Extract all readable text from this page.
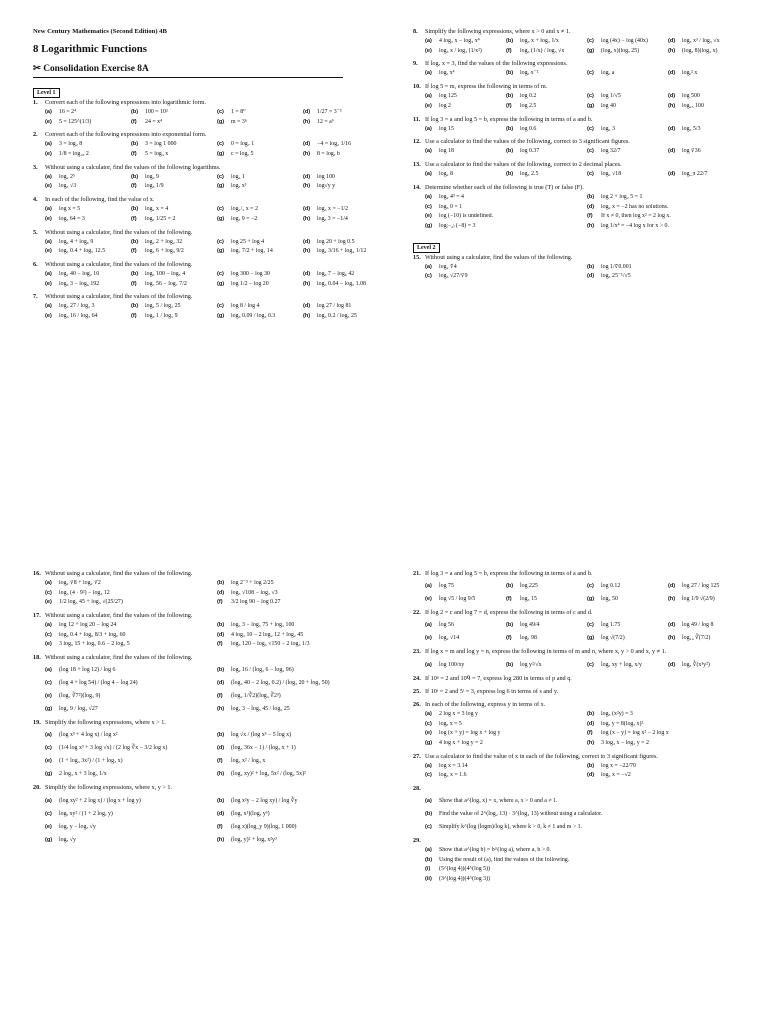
New Century Mathematics (Second Edition) 4B
8 Logarithmic Functions
✂ Consolidation Exercise 8A
Level 1
1.	Convert each of the following expressions into logarithmic form.
(a)	16 = 2⁴	(b)	100 = 10²	(c)	1 = 8⁰	(d)	1/27 = 3⁻³
(e)	5 = 125^(1/3)	(f)	24 = x⁴	(g)	m = 3ⁿ	(h)	12 = aᵇ
2.	Convert each of the following expressions into exponential form.
(a)	3 = log₂ 8	(b)	3 = log 1 000	(c)	0 = log₇ 1	(d)	−4 = log₂ 1/16
(e)	1/8 = log₁₆ 2	(f)	5 = log₃ x	(g)	c = logₐ 5	(h)	8 = logₐ b
3.	Without using a calculator, find the values of the following logarithms.
(a)	log₂ 2⁵	(b)	log₃ 9	(c)	log₄ 1	(d)	log 100
(e)	log₅ √3	(f)	log₃ 1/9	(g)	logₓ x³	(h)	log√y y
4.	In each of the following, find the value of x.
(a)	log x = 5	(b)	log₂ x = 4	(c)	log₁/₂ x = 2	(d)	log₃ x = −1/2
(e)	logₓ 64 = 3	(f)	logₓ 1/25 = 2	(g)	logₓ 9 = −2	(h)	logₓ 3 = −1/4
5.	Without using a calculator, find the values of the following.
(a)	log₆ 4 + log₆ 9	(b)	log₂ 2 + log₂ 32	(c)	log 25 + log 4	(d)	log 20 + log 0.5
(e)	log₅ 0.4 + log₅ 12.5	(f)	log₃ 6 + log₃ 9/2	(g)	log₇ 7/2 + log₇ 14	(h)	log₄ 3/16 + log₄ 1/12
6.	Without using a calculator, find the values of the following.
(a)	log₂ 40 − log₂ 10	(b)	log₅ 100 − log₅ 4	(c)	log 300 − log 30	(d)	log₆ 7 − log₆ 42
(e)	log₆ 3 − log₆ 192	(f)	log₇ 56 − log₇ 7/2	(g)	log 1/2 − log 20	(h)	log₅ 0.04 − log₅ 1.08
7.	Without using a calculator, find the values of the following.
(a)	log₃ 27 / log₂ 3	(b)	log₂ 5 / log₂ 25	(c)	log 8 / log 4	(d)	log 27 / log 81
(e)	log₃ 16 / log₃ 64	(f)	log₃ 1 / log₅ 9	(g)	log₃ 0.09 / log₃ 0.3	(h)	log₅ 0.2 / log₅ 25
8.	Simplify the following expressions, where x > 0 and x ≠ 1.
(a)	4 log₃ x − log₃ x⁴	(b)	log₃ x + log₃ 1/x	(c)	log (4x) − log (40x)	(d)	log₃ x³ / log₃ √x
(e)	log₃ x / log₃ (1/x²)	(f)	log₃ (1/x) / log₃ √x	(g)	(logₓ x)(logₓ 25)	(h)	(logₓ 8)(log₂ x)
9.	If logₐ x = 3, find the values of the following expressions.
(a)	logₐ x⁴	(b)	logₐ x⁻²	(c)	logₓ a	(d)	logₐ² x
10. If log 5 = m, express the following in terms of m.
(a)	log 125	(b)	log 0.2	(c)	log 1/√5	(d)	log 500
(e)	log 2	(f)	log 2.5	(g)	log 40	(h)	log₂₅ 100
11. If log 3 = a and log 5 = b, express the following in terms of a and b.
(a)	log 15	(b)	log 0.6	(c)	log₅ 3	(d)	log₃ 5/3
12. Use a calculator to find the values of the following, correct to 3 significant figures.
(a)	log 18	(b)	log 0.37	(c)	log 32/7	(d)	log ∛36
13. Use a calculator to find the values of the following, correct to 2 decimal places.
(a)	log₂ 8	(b)	log₃ 2.5	(c)	log₅ √18	(d)	log_π 22/7
14. Determine whether each of the following is true (T) or false (F).
(a)	log₂ 4³ = 4	(b)	log 2 + log₂ 5 = 1
(c)	log₅ 0 = 1	(d)	log₂ x = −2 has no solutions.
(e)	log (−10) is undefined.	(f)	If x ≠ 0, then log x² = 2 log x.
(g)	log₍₋₂₎ (−8) = 3	(h)	log 1/x⁴ = −4 log x for x > 0.
Level 2
15. Without using a calculator, find the values of the following.
(a)	log₂ ∜4	(b)	log 1/∜0.001
(c)	log₃ √27/∛9	(d)	log₅ 25⁻¹/√5
16. Without using a calculator, find the values of the following.
(a)	log₂ ∛8 + log₂ ∛2	(b)	log 2⁻³ + log 2/25
(c)	log₃ (4 · 9²) − log₃ 12	(d)	log₃ √108 − log₃ √3
(e)	1/2 log₃ 45 + log₃ √(25/27)	(f)	3/2 log 90 − log 0.27
17. Without using a calculator, find the values of the following.
(a)	log 12 + log 20 − log 24	(b)	log₅ 3 − log₅ 75 + log₅ 100
(c)	log₆ 0.4 + log₆ 8/3 + log₆ 60	(d)	4 log₂ 10 − 2 log₂ 12 + log₂ 45
(e)	3 log₅ 15 + log₅ 0.6 − 2 log₅ 5	(f)	log₃ 120 − log₃ √150 − 2 log₃ 1/3
18. Without using a calculator, find the values of the following.
(a)	(log 18 + log 12) / log 6	(b)	log₂ 16 / (log₂ 6 − log₂ 96)
(c)	(log 4 + log 54) / (log 4 − log 24)	(d)	(log₃ 40 − 2 log₃ 0.2) / (log₃ 20 + log₃ 50)
(e)	(log₇ ∛7²)(log₃ 9)	(f)	(log₂ 1/∛2)(log₃ ∛2³)
(g)	log₂ 9 / log₃ √27	(h)	log₃ 3 − log₅ 45 / log₅ 25
19. Simplify the following expressions, where x > 1.
(a)	(log x³ + 4 log x) / log x²	(b)	log √x / (log x³ − 5 log x)
(c)	(1/4 log x³ + 3 log √x) / (2 log ∛x − 3/2 log x)	(d)	(log₃ 36x − 1) / (log₃ x + 1)
(e)	(1 + log₃ 3x²) / (1 + log₃ x)	(f)	log₃ x² / log₃ x
(g)	2 log₃ x + 3 log₃ 1/x	(h)	(log₂ xy)² + log₂ 5x² / (log₂ 5x)²
20. Simplify the following expressions, where x, y > 1.
(a)	(log xy² + 2 log x) / (log x + log y)	(b)	(log x²y − 2 log xy) / log ∛y
(c)	logᵧ xy² / (1 + 2 logᵧ y)	(d)	(logᵧ x²)(logₓ y³)
(e)	logₓ y − logₓ √y	(f)	(log x)(log_y 9)(logₓ 1 000)
(g)	logₓ √y	(h)	(logₓ y)² + logₓ x²y³
21. If log 3 = a and log 5 = b, express the following in terms of a and b.
(a)	log 75	(b)	log 225	(c)	log 0.12	(d)	log 27 / log 125
(e)	log √5 / log 9/5	(f)	log₃ 15	(g)	log₃ 50	(h)	log 1/9 √(2/9)
22. If log 2 = c and log 7 = d, express the following in terms of c and d.
(a)	log 56	(b)	log 49/4	(c)	log 1.75	(d)	log 49 / log 8
(e)	log₂ √14	(f)	log₇ 98	(g)	log √(7/2)	(h)	log₁₄ ∛(7/2)
23. If log x = m and log y = n, express the following in terms of m and n, where x, y > 0 and x, y ≠ 1.
(a)	log 100/xy	(b)	log y²/√x	(c)	logₓ xy + logᵧ x/y	(d)	logₓ ∛(x³y²)
24. If 10ᵖ = 2 and 10ᑫ = 7, express log 280 in terms of p and q.
25. If 10ˢ = 2 and 5ᵗ = 3, express log 6 in terms of s and y.
26. In each of the following, express y in terms of x.
(a)	2 log x = 3 log y	(b)	log₃ (x²y) = 3
(c)	logₓ x = 5	(d)	logₓ y = 8(logₓ x)²
(e)	log (x + y) = log x + log y	(f)	log (x − y) = log x² − 2 log x
(g)	4 log x + log y = 2	(h)	3 log₂ x − log₂ y = 2
27. Use a calculator to find the value of x in each of the following, correct to 3 significant figures.
(a)	log x = 3.14	(b)	log x = −22/70
(c)	log₅ x = 1.6	(d)	log₅ x = −√2
28.
(a)	Show that a^(logₐ x) = x, where a, x > 0 and a ≠ 1.
(b)	Find the value of 2^(log₂ 13) · 3^(log₃ 13) without using a calculator.
(c)	Simplify k^(log (logm)/log k), where k > 0, k ≠ 1 and m > 1.
29.
(a)	Show that a^(log b) = b^(log a), where a, b > 0.
(b)	Using the result of (a), find the values of the following.
(i)	(5^(log 4))(4^(log 5))
(ii)	(3^(log 4))(4^(log 3))
